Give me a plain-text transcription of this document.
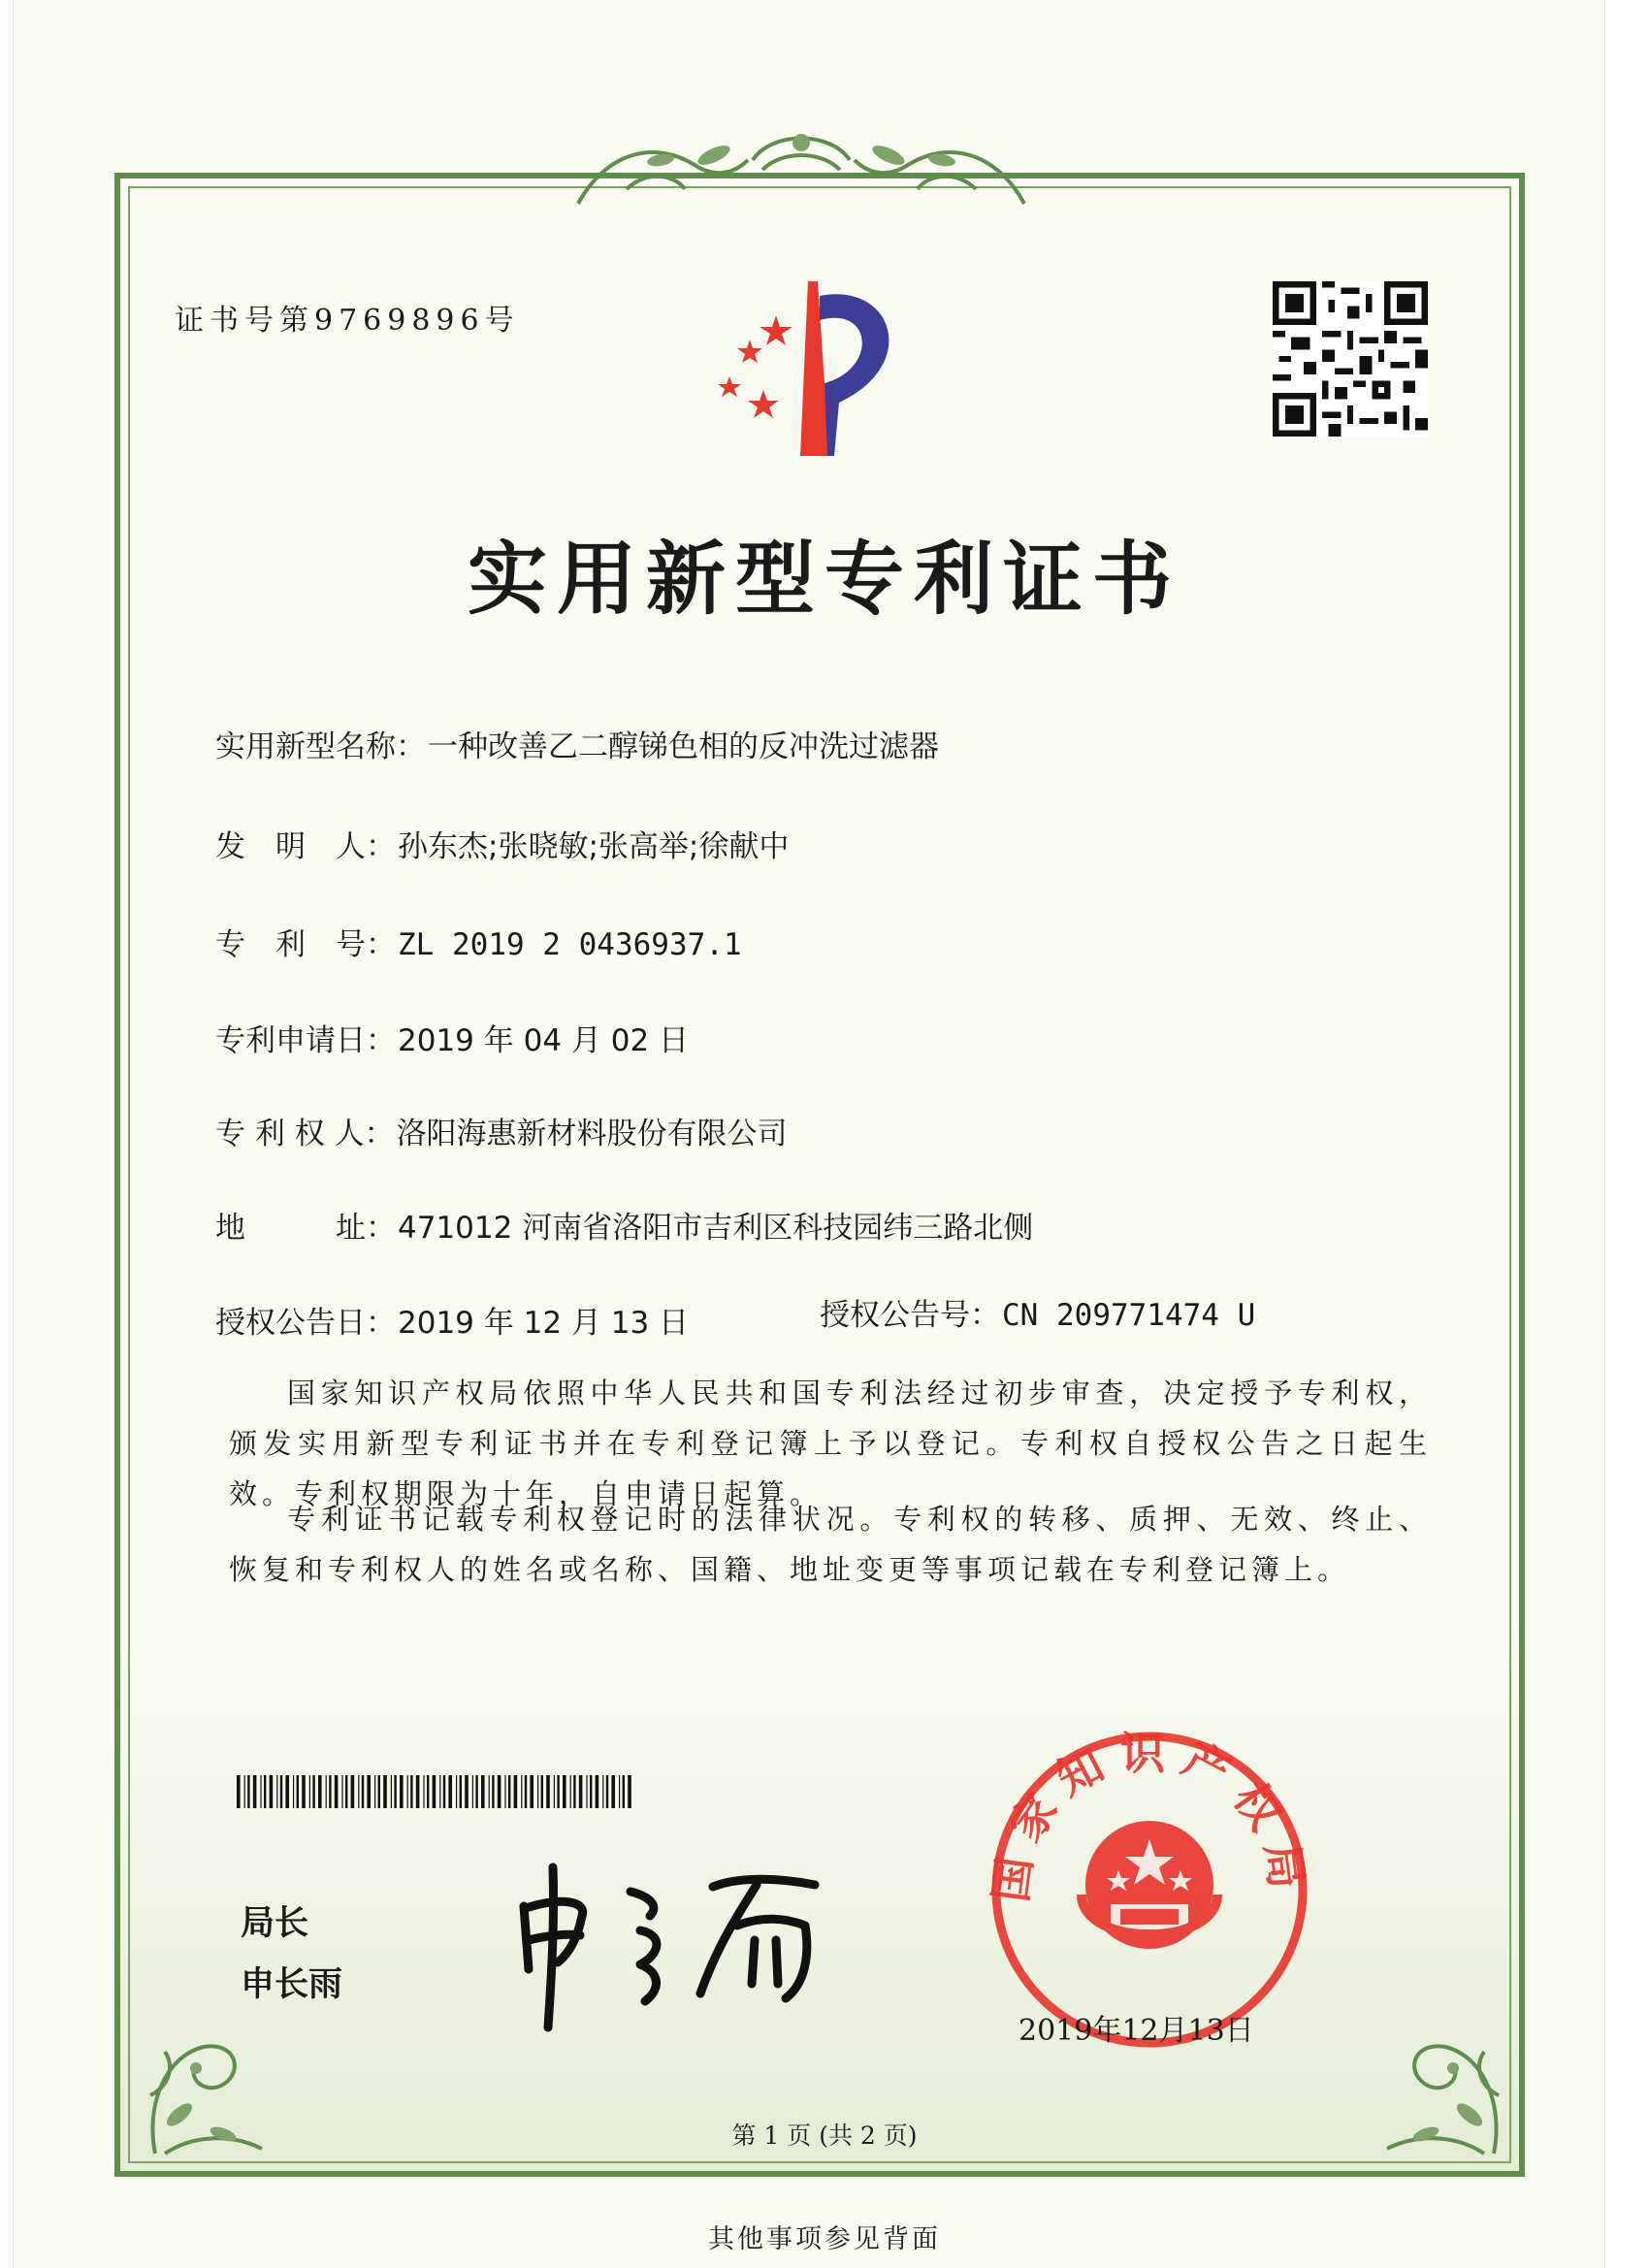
证书号第9769896号
实用新型专利证书
实用新型名称：一种改善乙二醇锑色相的反冲洗过滤器
发　明　人：孙东杰;张晓敏;张高举;徐献中
专　利　号：ZL 2019 2 0436937.1
专利申请日：2019 年 04 月 02 日
专 利 权 人：洛阳海惠新材料股份有限公司
地　　　址：471012 河南省洛阳市吉利区科技园纬三路北侧
授权公告日：2019 年 12 月 13 日	授权公告号：CN 209771474 U
国家知识产权局依照中华人民共和国专利法经过初步审查，决定授予专利权，颁发实用新型专利证书并在专利登记簿上予以登记。专利权自授权公告之日起生效。专利权期限为十年，自申请日起算。
专利证书记载专利权登记时的法律状况。专利权的转移、质押、无效、终止、恢复和专利权人的姓名或名称、国籍、地址变更等事项记载在专利登记簿上。
局长
申长雨
国家知识产权局
2019年12月13日
第 1 页 (共 2 页)
其他事项参见背面
